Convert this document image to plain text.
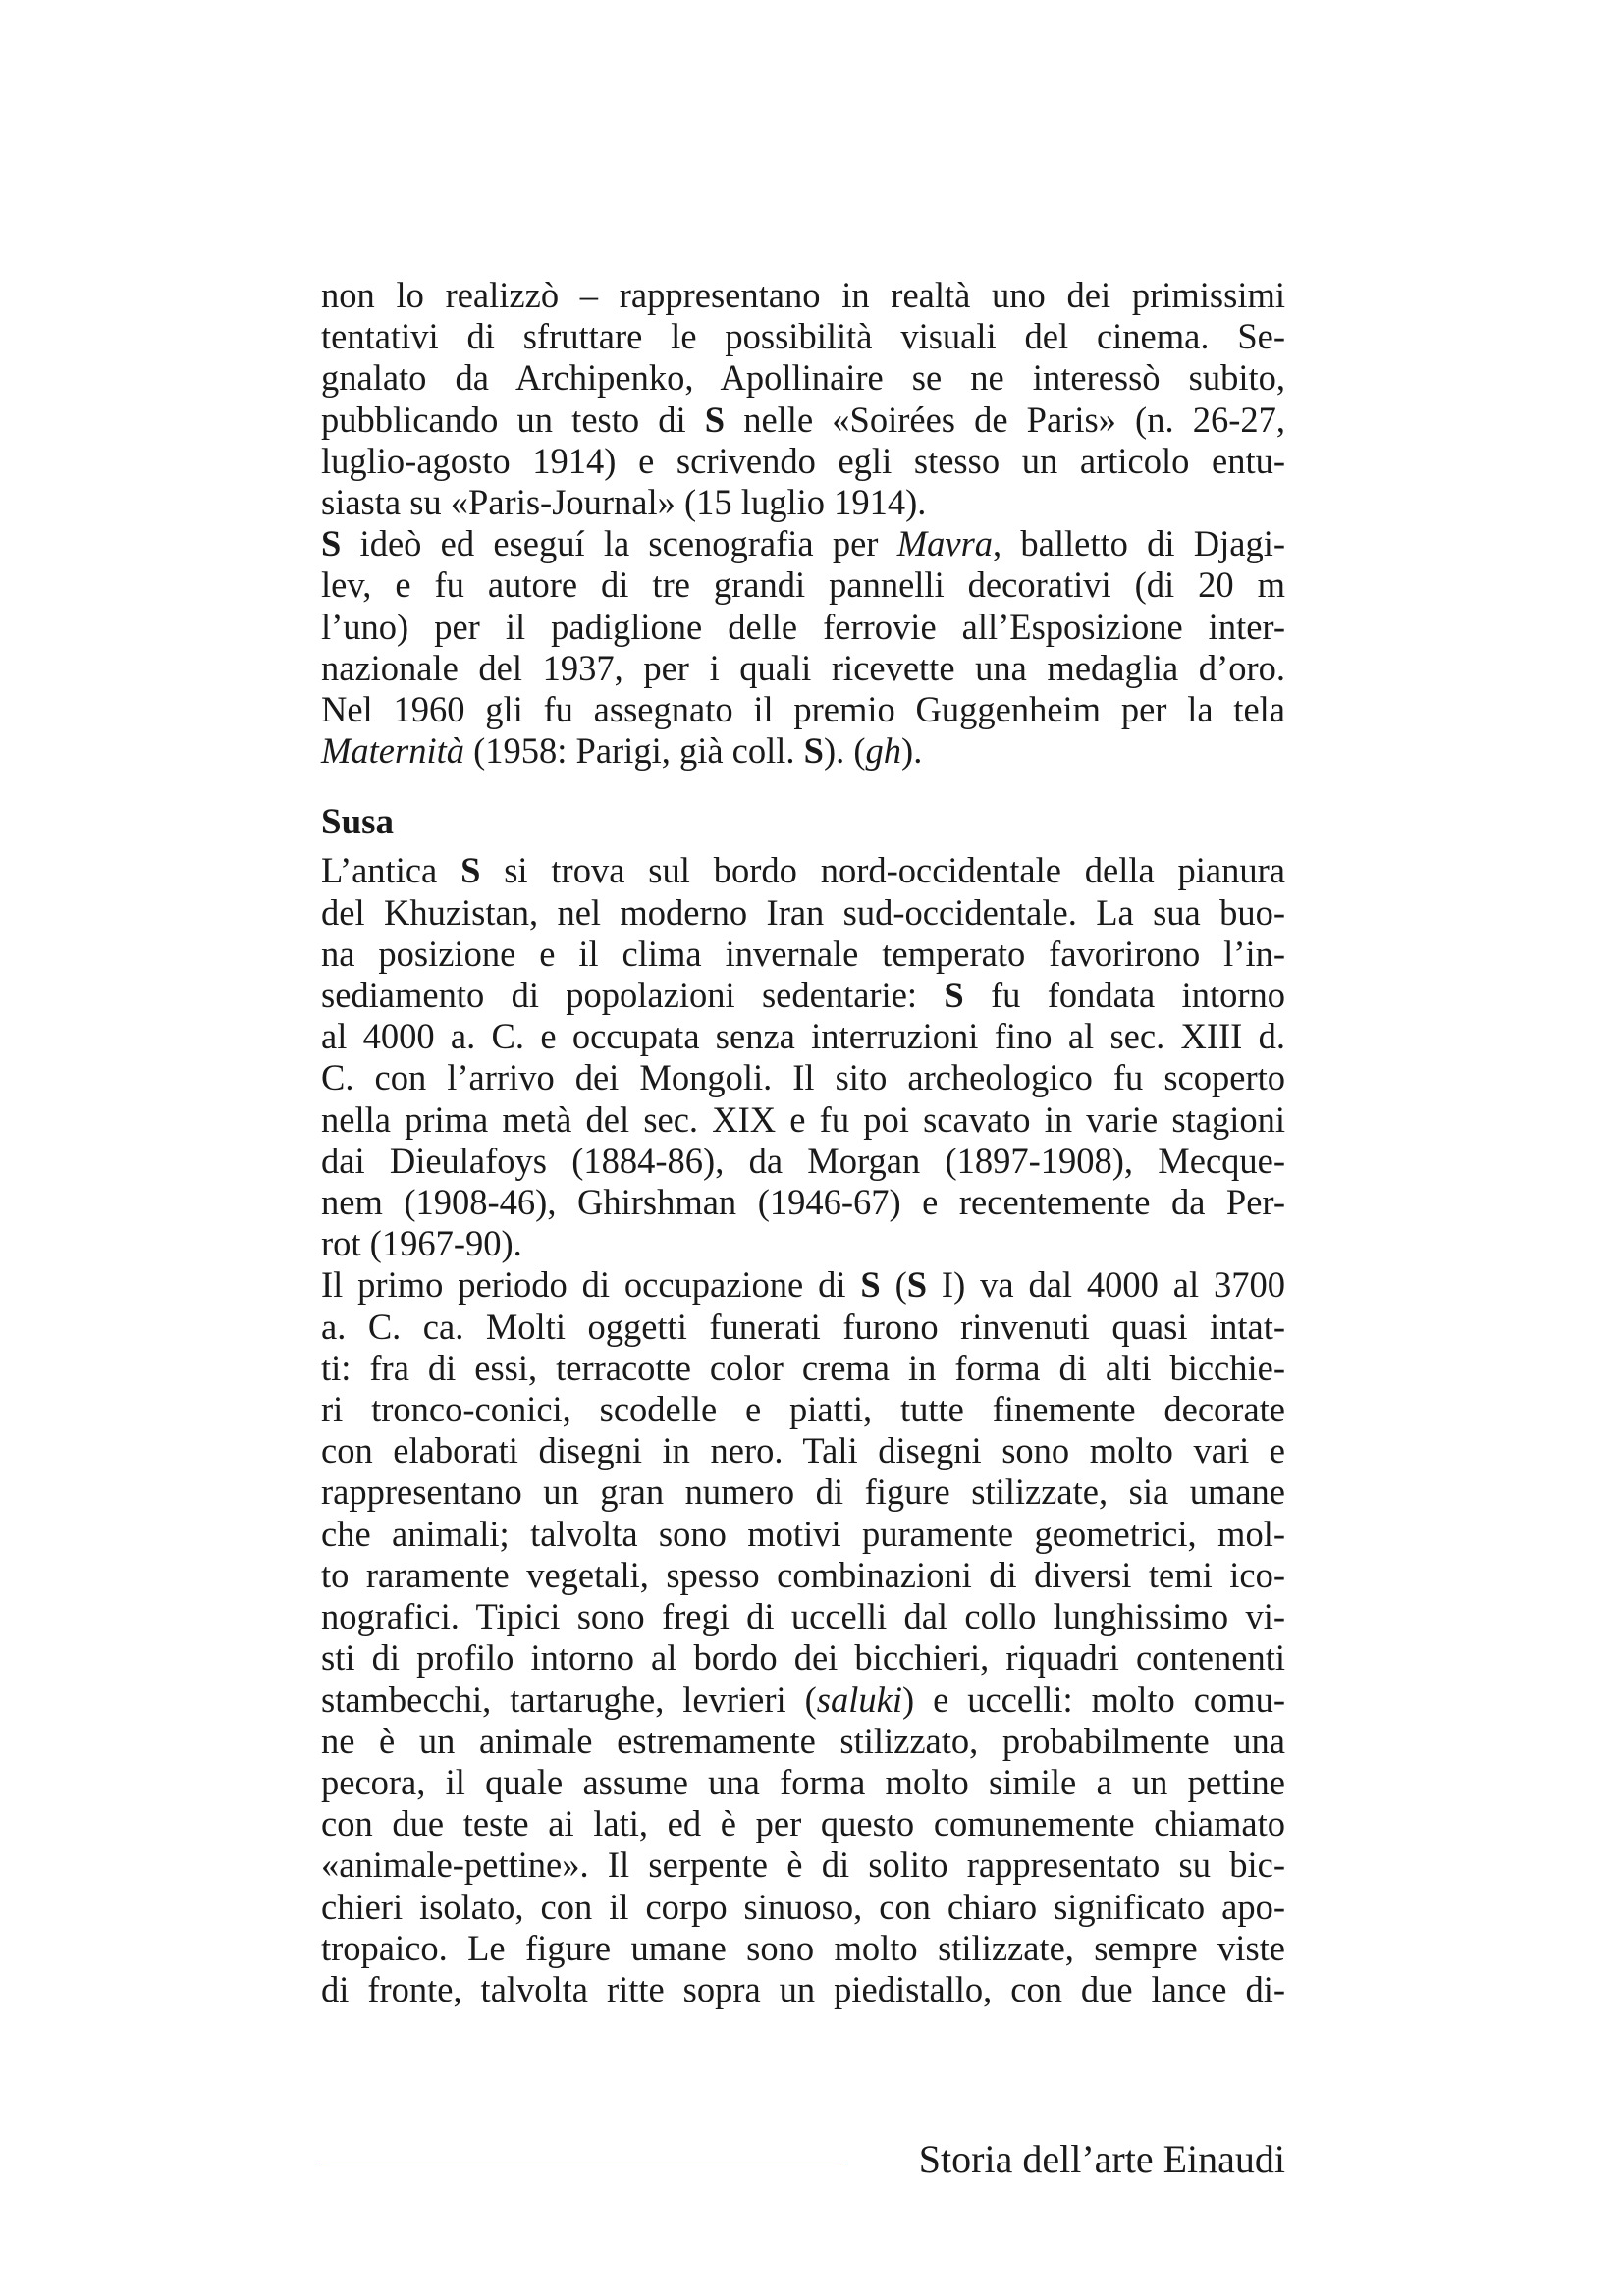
non lo realizzò – rappresentano in realtà uno dei primissimi
tentativi di sfruttare le possibilità visuali del cinema. Se-
gnalato da Archipenko, Apollinaire se ne interessò subito,
pubblicando un testo di S nelle «Soirées de Paris» (n. 26-27,
luglio-agosto 1914) e scrivendo egli stesso un articolo entu-
siasta su «Paris-Journal» (15 luglio 1914).

S ideò ed eseguí la scenografia per Mavra, balletto di Djagi-
lev, e fu autore di tre grandi pannelli decorativi (di 20 m
l’uno) per il padiglione delle ferrovie all’Esposizione inter-
nazionale del 1937, per i quali ricevette una medaglia d’oro.
Nel 1960 gli fu assegnato il premio Guggenheim per la tela
Maternità (1958: Parigi, già coll. S). (gh).

Susa

L’antica S si trova sul bordo nord-occidentale della pianura
del Khuzistan, nel moderno Iran sud-occidentale. La sua buo-
na posizione e il clima invernale temperato favorirono l’in-
sediamento di popolazioni sedentarie: S fu fondata intorno
al 4000 a. C. e occupata senza interruzioni fino al sec. XIII d.
C. con l’arrivo dei Mongoli. Il sito archeologico fu scoperto
nella prima metà del sec. XIX e fu poi scavato in varie stagioni
dai Dieulafoys (1884-86), da Morgan (1897-1908), Mecque-
nem (1908-46), Ghirshman (1946-67) e recentemente da Per-
rot (1967-90).

Il primo periodo di occupazione di S (S I) va dal 4000 al 3700
a. C. ca. Molti oggetti funerati furono rinvenuti quasi intat-
ti: fra di essi, terracotte color crema in forma di alti bicchie-
ri tronco-conici, scodelle e piatti, tutte finemente decorate
con elaborati disegni in nero. Tali disegni sono molto vari e
rappresentano un gran numero di figure stilizzate, sia umane
che animali; talvolta sono motivi puramente geometrici, mol-
to raramente vegetali, spesso combinazioni di diversi temi ico-
nografici. Tipici sono fregi di uccelli dal collo lunghissimo vi-
sti di profilo intorno al bordo dei bicchieri, riquadri contenenti
stambecchi, tartarughe, levrieri (saluki) e uccelli: molto comu-
ne è un animale estremamente stilizzato, probabilmente una
pecora, il quale assume una forma molto simile a un pettine
con due teste ai lati, ed è per questo comunemente chiamato
«animale-pettine». Il serpente è di solito rappresentato su bic-
chieri isolato, con il corpo sinuoso, con chiaro significato apo-
tropaico. Le figure umane sono molto stilizzate, sempre viste
di fronte, talvolta ritte sopra un piedistallo, con due lance di-

Storia dell’arte Einaudi
